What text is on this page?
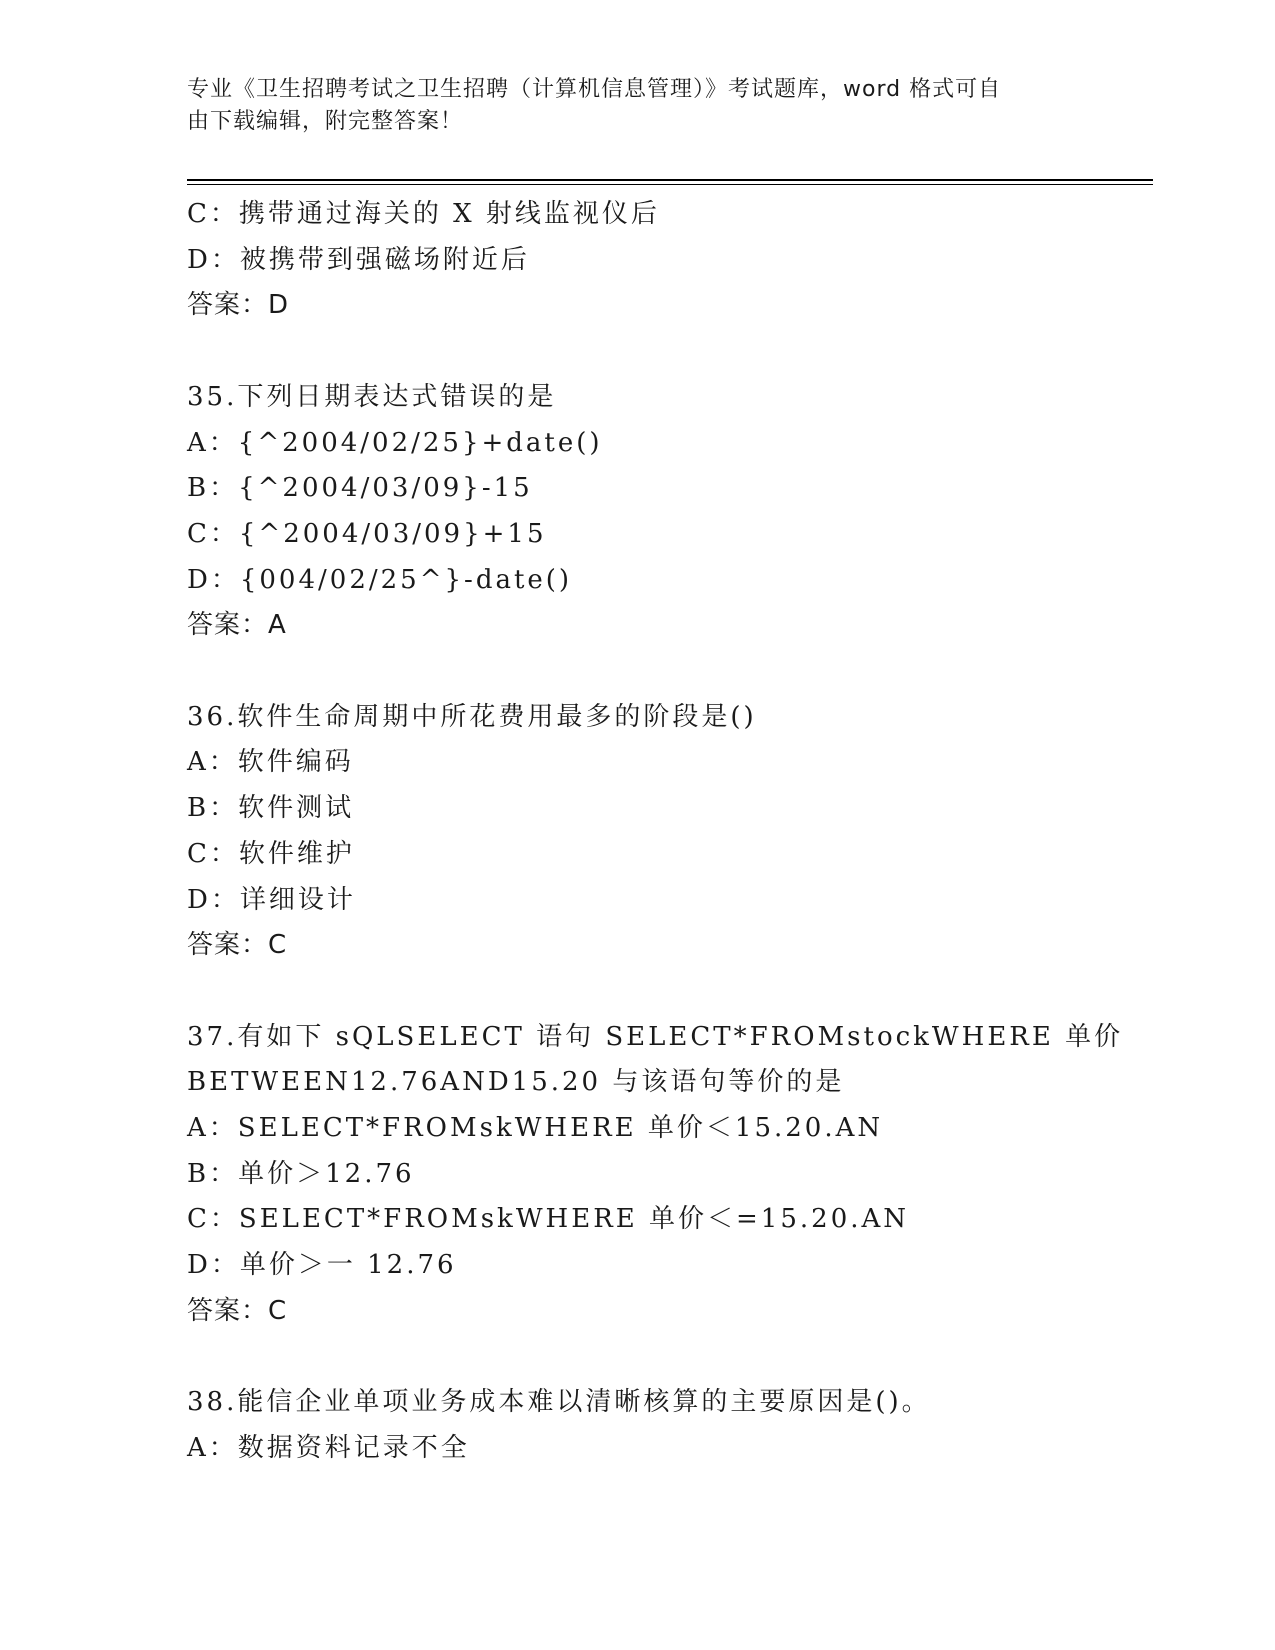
专业《卫生招聘考试之卫生招聘（计算机信息管理）》考试题库，word 格式可自
由下载编辑，附完整答案！
C：携带通过海关的 X 射线监视仪后
D：被携带到强磁场附近后
答案：D
35.下列日期表达式错误的是
A：{^2004/02/25}+date()
B：{^2004/03/09}-15
C：{^2004/03/09}+15
D：{004/02/25^}-date()
答案：A
36.软件生命周期中所花费用最多的阶段是()
A：软件编码
B：软件测试
C：软件维护
D：详细设计
答案：C
37.有如下 sQLSELECT 语句 SELECT*FROMstockWHERE 单价
BETWEEN12.76AND15.20 与该语句等价的是
A：SELECT*FROMskWHERE 单价＜15.20.AN
B：单价＞12.76
C：SELECT*FROMskWHERE 单价＜=15.20.AN
D：单价＞一 12.76
答案：C
38.能信企业单项业务成本难以清晰核算的主要原因是()。
A：数据资料记录不全
